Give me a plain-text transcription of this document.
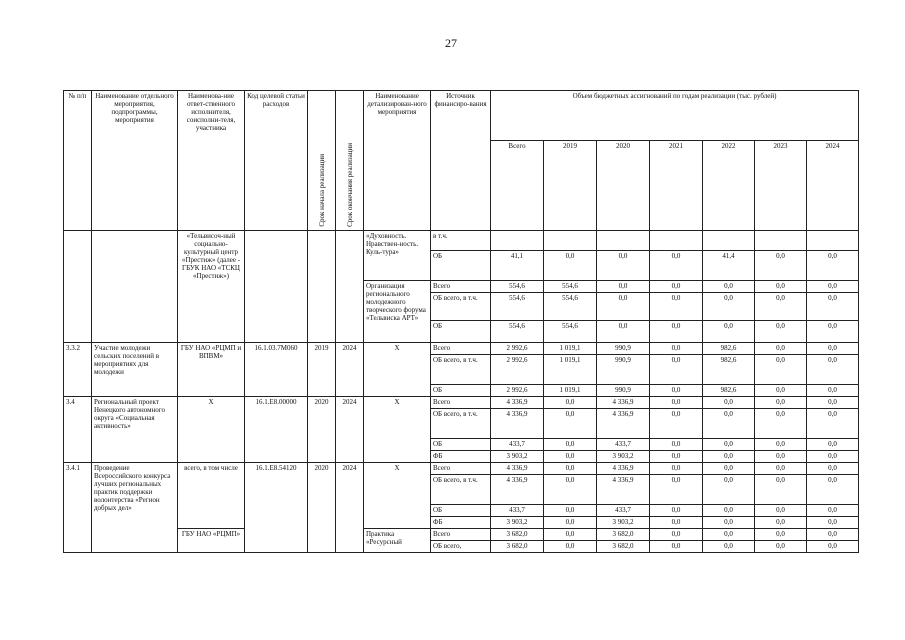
27
№ п/п	Наименование отдельного мероприятия, подпрограммы, мероприятия	Наименова-ние ответ-ственного исполнителя, соисполни-теля, участника	Код целевой статьи расходов	Срок начала реализации	Срок окончания реализации	Наименование детализирован-ного мероприятия	Источник финансиро-вания	Объем бюджетных ассигнований по годам реализации (тыс. рублей)						
								Всего	2019	2020	2021	2022	2023	2024
		«Тельвисоч-ный социально-культурный центр «Престиж» (далее - ГБУК НАО «ТСКЦ «Престиж»)				«Духовность. Нравствен-ность. Куль-тура»	в т.ч.							
							ОБ	41,1	0,0	0,0	0,0	41,4	0,0	0,0
						Организация регионального молодежного творческого форума «Тельвиска АРТ»	Всего	554,6	554,6	0,0	0,0	0,0	0,0	0,0
							ОБ всего, в т.ч.	554,6	554,6	0,0	0,0	0,0	0,0	0,0
							ОБ	554,6	554,6	0,0	0,0	0,0	0,0	0,0
3.3.2	Участие молодежи сельских поселений в мероприятиях для молодежи	ГБУ НАО «РЦМП и ВПВМ»	16.1.03.7М060	2019	2024	Х	Всего	2 992,6	1 019,1	990,9	0,0	982,6	0,0	0,0
							ОБ всего, в т.ч.	2 992,6	1 019,1	990,9	0,0	982,6	0,0	0,0
							ОБ	2 992,6	1 019,1	990,9	0,0	982,6	0,0	0,0
3.4	Региональный проект Ненецкого автономного округа «Социальная активность»	Х	16.1.Е8.00000	2020	2024	Х	Всего	4 336,9	0,0	4 336,9	0,0	0,0	0,0	0,0
							ОБ всего, в т.ч.	4 336,9	0,0	4 336,9	0,0	0,0	0,0	0,0
							ОБ	433,7	0,0	433,7	0,0	0,0	0,0	0,0
							ФБ	3 903,2	0,0	3 903,2	0,0	0,0	0,0	0,0
3.4.1	Проведение Всероссийского конкурса лучших региональных практик поддержки волонтерства «Регион добрых дел»	всего, в том числе	16.1.Е8.54120	2020	2024	Х	Всего	4 336,9	0,0	4 336,9	0,0	0,0	0,0	0,0
							ОБ всего, в т.ч.	4 336,9	0,0	4 336,9	0,0	0,0	0,0	0,0
							ОБ	433,7	0,0	433,7	0,0	0,0	0,0	0,0
							ФБ	3 903,2	0,0	3 903,2	0,0	0,0	0,0	0,0
		ГБУ НАО «РЦМП»				Практика «Ресурсный	Всего	3 682,0	0,0	3 682,0	0,0	0,0	0,0	0,0
							ОБ всего,	3 682,0	0,0	3 682,0	0,0	0,0	0,0	0,0
